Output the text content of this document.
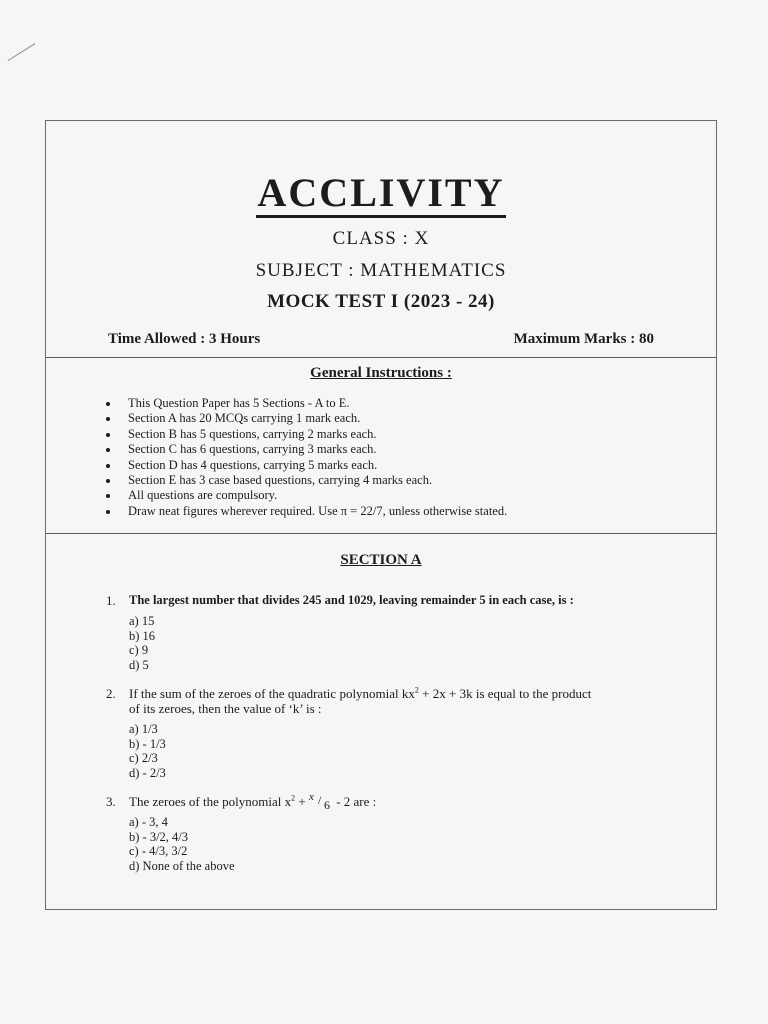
ACCLIVITY
CLASS : X
SUBJECT : MATHEMATICS
MOCK TEST I (2023 - 24)
Time Allowed : 3 Hours	Maximum Marks : 80
General Instructions :
This Question Paper has 5 Sections - A to E.
Section A has 20 MCQs carrying 1 mark each.
Section B has 5 questions, carrying 2 marks each.
Section C has 6 questions, carrying 3 marks each.
Section D has 4 questions, carrying 5 marks each.
Section E has 3 case based questions, carrying 4 marks each.
All questions are compulsory.
Draw neat figures wherever required. Use π = 22/7, unless otherwise stated.
SECTION A
1.	The largest number that divides 245 and 1029, leaving remainder 5 in each case, is :
a) 15
b) 16
c) 9
d) 5
2.	If the sum of the zeroes of the quadratic polynomial $kx^2 + 2x + 3k$ is equal to the product
of its zeroes, then the value of ‘k’ is :
a) 1/3
b) - 1/3
c) 2/3
d) - 2/3
3.	The zeroes of the polynomial $x^2 + x / 6 - 2$ are :
a) - 3, 4
b) - 3/2, 4/3
c) - 4/3, 3/2
d) None of the above
